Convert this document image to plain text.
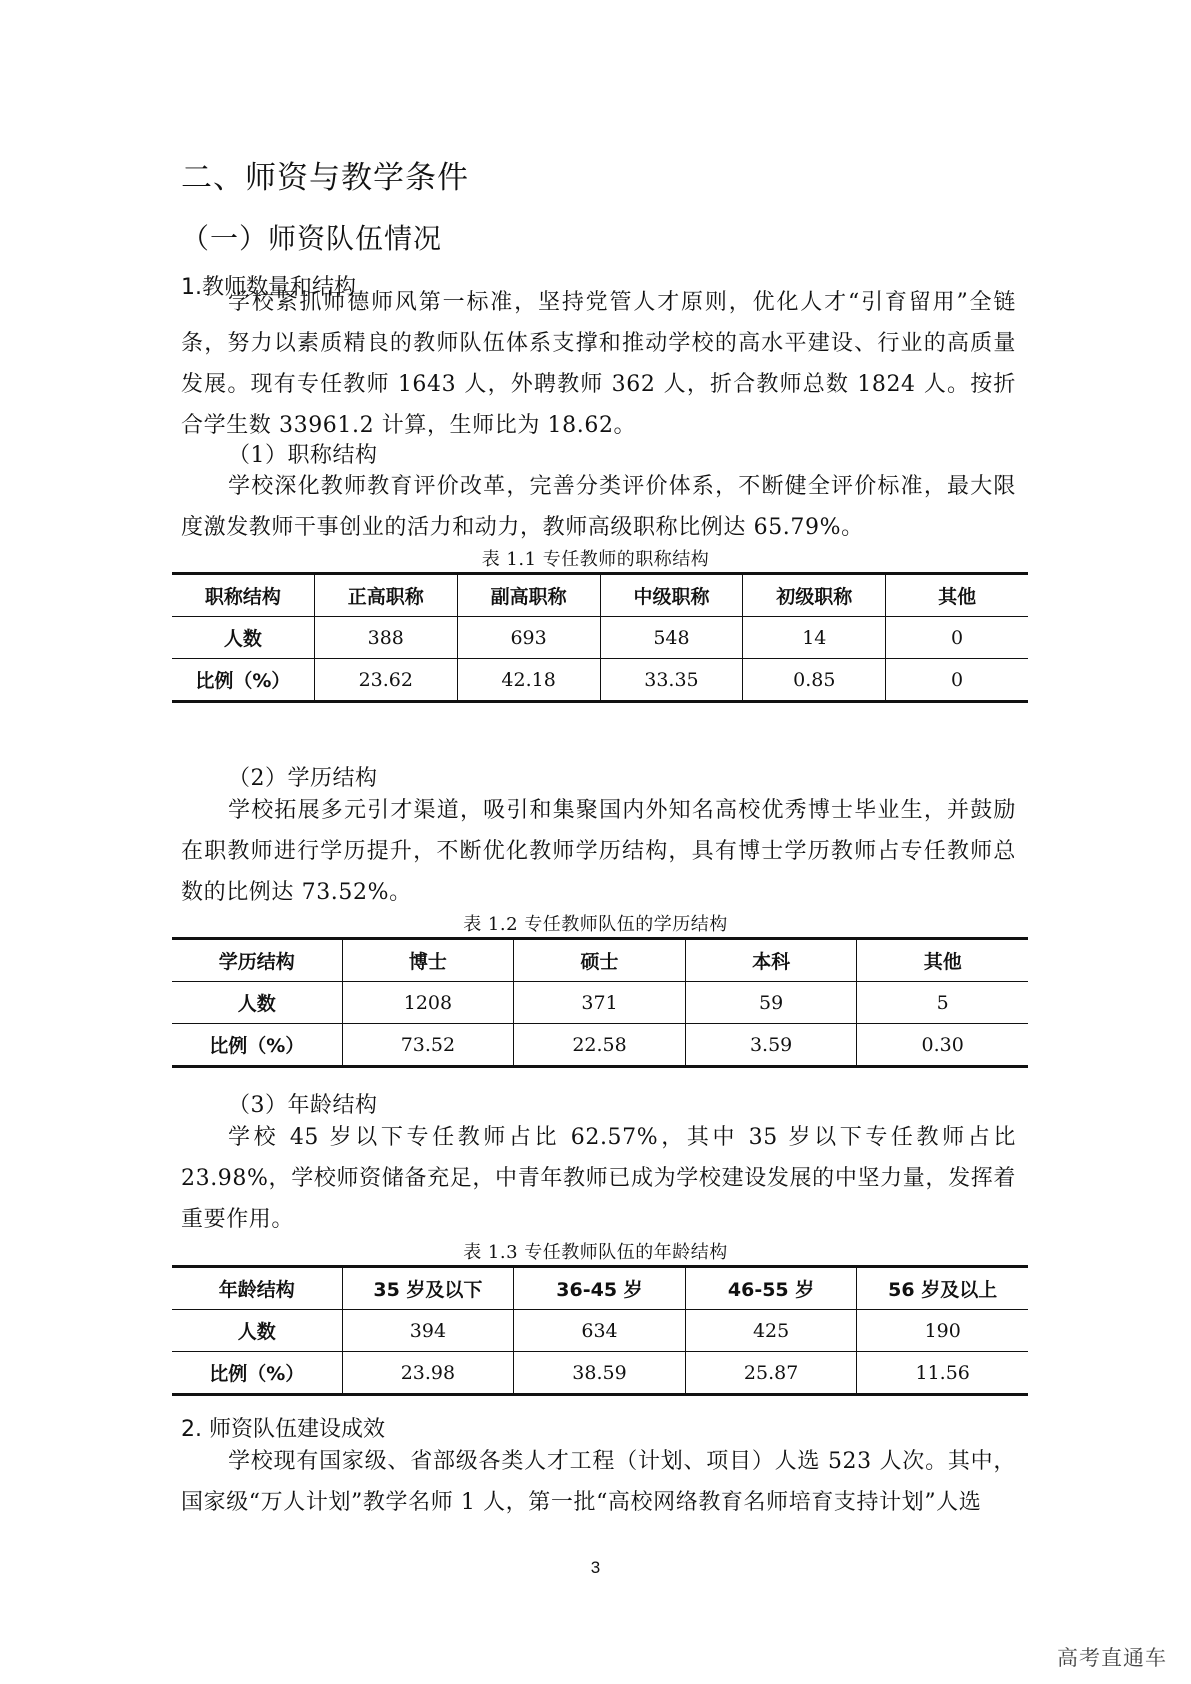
二、师资与教学条件
（一）师资队伍情况
1.教师数量和结构
学校紧抓师德师风第一标准，坚持党管人才原则，优化人才“引育留用”全链条，努力以素质精良的教师队伍体系支撑和推动学校的高水平建设、行业的高质量发展。现有专任教师 1643 人，外聘教师 362 人，折合教师总数 1824 人。按折合学生数 33961.2 计算，生师比为 18.62。
（1）职称结构
学校深化教师教育评价改革，完善分类评价体系，不断健全评价标准，最大限度激发教师干事创业的活力和动力，教师高级职称比例达 65.79%。
表 1.1 专任教师的职称结构
职称结构	正高职称	副高职称	中级职称	初级职称	其他
人数	388	693	548	14	0
比例（%）	23.62	42.18	33.35	0.85	0
（2）学历结构
学校拓展多元引才渠道，吸引和集聚国内外知名高校优秀博士毕业生，并鼓励在职教师进行学历提升，不断优化教师学历结构，具有博士学历教师占专任教师总数的比例达 73.52%。
表 1.2 专任教师队伍的学历结构
学历结构	博士	硕士	本科	其他
人数	1208	371	59	5
比例（%）	73.52	22.58	3.59	0.30
（3）年龄结构
学校 45 岁以下专任教师占比 62.57%，其中 35 岁以下专任教师占比 23.98%，学校师资储备充足，中青年教师已成为学校建设发展的中坚力量，发挥着重要作用。
表 1.3 专任教师队伍的年龄结构
年龄结构	35 岁及以下	36-45 岁	46-55 岁	56 岁及以上
人数	394	634	425	190
比例（%）	23.98	38.59	25.87	11.56
2. 师资队伍建设成效
学校现有国家级、省部级各类人才工程（计划、项目）人选 523 人次。其中，国家级“万人计划”教学名师 1 人，第一批“高校网络教育名师培育支持计划”人选
3
高考直通车
